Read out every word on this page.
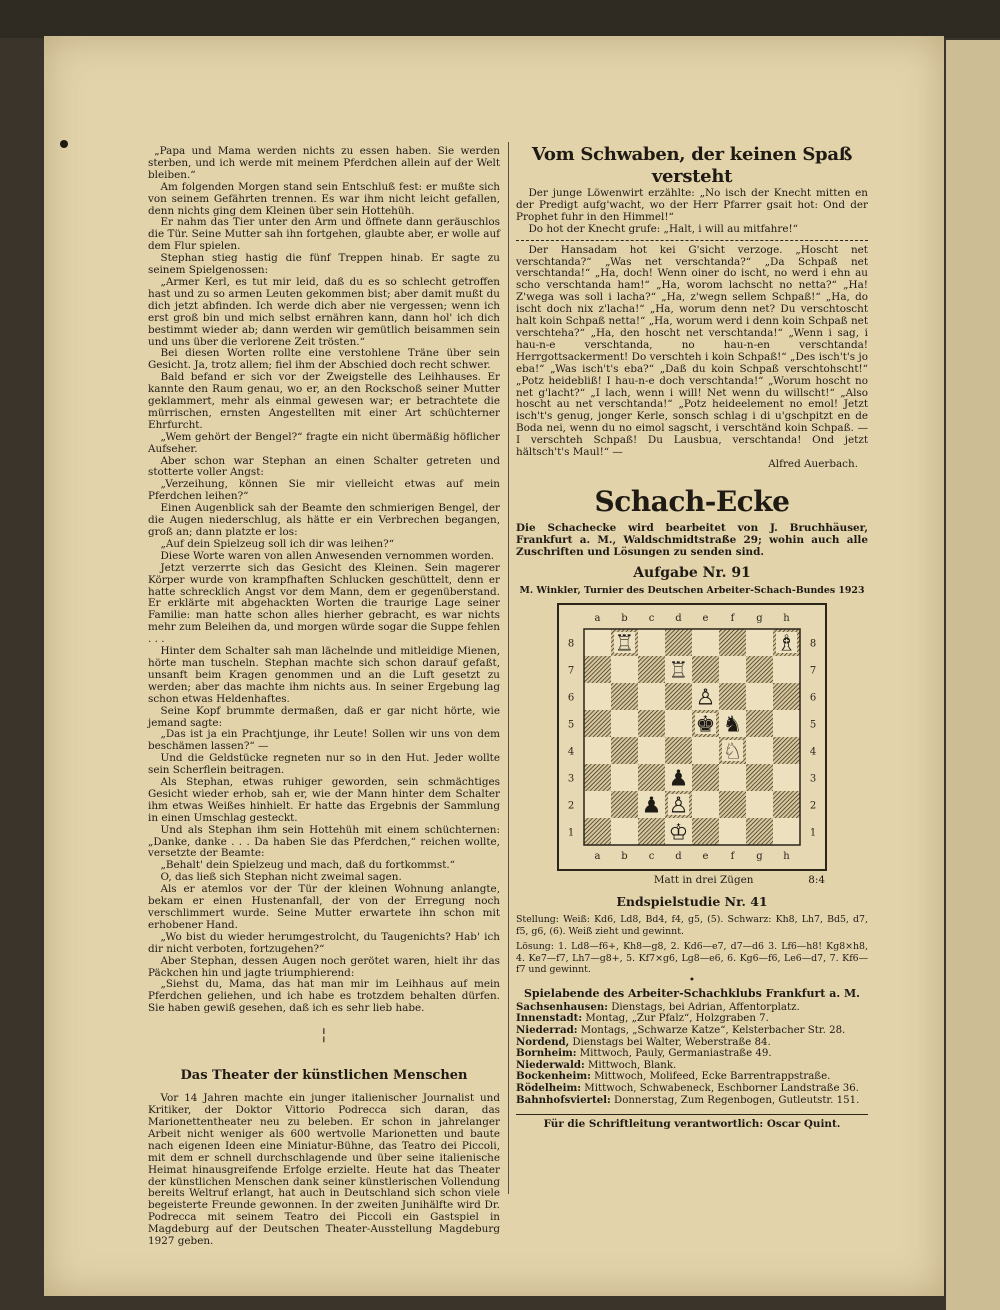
„Papa und Mama werden nichts zu essen haben. Sie werden sterben, und ich werde mit meinem Pferdchen allein auf der Welt bleiben.“

Am folgenden Morgen stand sein Entschluß fest: er mußte sich von seinem Gefährten trennen. Es war ihm nicht leicht gefallen, denn nichts ging dem Kleinen über sein Hottehüh.

Er nahm das Tier unter den Arm und öffnete dann geräuschlos die Tür. Seine Mutter sah ihn fortgehen, glaubte aber, er wolle auf dem Flur spielen.

Stephan stieg hastig die fünf Treppen hinab. Er sagte zu seinem Spielgenossen:

„Armer Kerl, es tut mir leid, daß du es so schlecht getroffen hast und zu so armen Leuten gekommen bist; aber damit mußt du dich jetzt abfinden. Ich werde dich aber nie vergessen; wenn ich erst groß bin und mich selbst ernähren kann, dann hol' ich dich bestimmt wieder ab; dann werden wir gemütlich beisammen sein und uns über die verlorene Zeit trösten.“

Bei diesen Worten rollte eine verstohlene Träne über sein Gesicht. Ja, trotz allem; fiel ihm der Abschied doch recht schwer.

Bald befand er sich vor der Zweigstelle des Leihhauses. Er kannte den Raum genau, wo er, an den Rockschoß seiner Mutter geklammert, mehr als einmal gewesen war; er betrachtete die mürrischen, ernsten Angestellten mit einer Art schüchterner Ehrfurcht.

„Wem gehört der Bengel?“ fragte ein nicht übermäßig höflicher Aufseher.

Aber schon war Stephan an einen Schalter getreten und stotterte voller Angst:

„Verzeihung, können Sie mir vielleicht etwas auf mein Pferdchen leihen?“

Einen Augenblick sah der Beamte den schmierigen Bengel, der die Augen niederschlug, als hätte er ein Verbrechen begangen, groß an; dann platzte er los:

„Auf dein Spielzeug soll ich dir was leihen?“

Diese Worte waren von allen Anwesenden vernommen worden.

Jetzt verzerrte sich das Gesicht des Kleinen. Sein magerer Körper wurde von krampfhaften Schlucken geschüttelt, denn er hatte schrecklich Angst vor dem Mann, dem er gegenüberstand. Er erklärte mit abgehackten Worten die traurige Lage seiner Familie: man hatte schon alles hierher gebracht, es war nichts mehr zum Beleihen da, und morgen würde sogar die Suppe fehlen . . .

Hinter dem Schalter sah man lächelnde und mitleidige Mienen, hörte man tuscheln. Stephan machte sich schon darauf gefaßt, unsanft beim Kragen genommen und an die Luft gesetzt zu werden; aber das machte ihm nichts aus. In seiner Ergebung lag schon etwas Heldenhaftes.

Seine Kopf brummte dermaßen, daß er gar nicht hörte, wie jemand sagte:

„Das ist ja ein Prachtjunge, ihr Leute! Sollen wir uns von dem beschämen lassen?“ —

Und die Geldstücke regneten nur so in den Hut. Jeder wollte sein Scherflein beitragen.

Als Stephan, etwas ruhiger geworden, sein schmächtiges Gesicht wieder erhob, sah er, wie der Mann hinter dem Schalter ihm etwas Weißes hinhielt. Er hatte das Ergebnis der Sammlung in einen Umschlag gesteckt.

Und als Stephan ihm sein Hottehüh mit einem schüchternen: „Danke, danke . . . Da haben Sie das Pferdchen,“ reichen wollte, versetzte der Beamte:

„Behalt' dein Spielzeug und mach, daß du fortkommst.“

O, das ließ sich Stephan nicht zweimal sagen.

Als er atemlos vor der Tür der kleinen Wohnung anlangte, bekam er einen Hustenanfall, der von der Erregung noch verschlimmert wurde. Seine Mutter erwartete ihn schon mit erhobener Hand.

„Wo bist du wieder herumgestrolcht, du Taugenichts? Hab' ich dir nicht verboten, fortzugehen?“

Aber Stephan, dessen Augen noch gerötet waren, hielt ihr das Päckchen hin und jagte triumphierend:

„Siehst du, Mama, das hat man mir im Leihhaus auf mein Pferdchen geliehen, und ich habe es trotzdem behalten dürfen. Sie haben gewiß gesehen, daß ich es sehr lieb habe.

╎
Das Theater der künstlichen Menschen

Vor 14 Jahren machte ein junger italienischer Journalist und Kritiker, der Doktor Vittorio Podrecca sich daran, das Marionettentheater neu zu beleben. Er schon in jahrelanger Arbeit nicht weniger als 600 wertvolle Marionetten und baute nach eigenen Ideen eine Miniatur-Bühne, das Teatro dei Piccoli, mit dem er schnell durchschlagende und über seine italienische Heimat hinausgreifende Erfolge erzielte. Heute hat das Theater der künstlichen Menschen dank seiner künstlerischen Vollendung bereits Weltruf erlangt, hat auch in Deutschland sich schon viele begeisterte Freunde gewonnen. In der zweiten Junihälfte wird Dr. Podrecca mit seinem Teatro dei Piccoli ein Gastspiel in Magdeburg auf der Deutschen Theater-Ausstellung Magdeburg 1927 geben.

Vom Schwaben, der keinen Spaß versteht

Der junge Löwenwirt erzählte: „No isch der Knecht mitten en der Predigt aufg'wacht, wo der Herr Pfarrer gsait hot: Ond der Prophet fuhr in den Himmel!“

Do hot der Knecht grufe: „Halt, i will au mitfahre!“

Der Hansadam hot kei G'sicht verzoge. „Hoscht net verschtanda?“ „Was net verschtanda?“ „Da Schpaß net verschtanda!“ „Ha, doch! Wenn oiner do ischt, no werd i ehn au scho verschtanda ham!“ „Ha, worom lachscht no netta?“ „Ha! Z'wega was soll i lacha?“ „Ha, z'wegn sellem Schpaß!“ „Ha, do ischt doch nix z'lacha!“ „Ha, worum denn net? Du verschtoscht halt koin Schpaß netta!“ „Ha, worum werd i denn koin Schpaß net verschteha?“ „Ha, den hoscht net verschtanda!“ „Wenn i sag, i hau-n-e verschtanda, no hau-n-en verschtanda! Herrgottsackerment! Do verschteh i koin Schpaß!“ „Des isch't's jo eba!“ „Was isch't's eba?“ „Daß du koin Schpaß verschtohscht!“ „Potz heidebliß! I hau-n-e doch verschtanda!“ „Worum hoscht no net g'lacht?“ „I lach, wenn i will! Net wenn du willscht!“ „Also hoscht au net verschtanda!“ „Potz heideelement no emol! Jetzt isch't's genug, jonger Kerle, sonsch schlag i di u'gschpitzt en de Boda nei, wenn du no eimol sagscht, i verschtänd koin Schpaß. — I verschteh Schpaß! Du Lausbua, verschtanda! Ond jetzt hältsch't's Maul!“ —

Alfred Auerbach.
Schach-Ecke

Die Schachecke wird bearbeitet von J. Bruchhäuser, Frankfurt a. M., Waldschmidtstraße 29; wohin auch alle Zuschriften und Lösungen zu senden sind.

Aufgabe Nr. 91

M. Winkler, Turnier des Deutschen Arbeiter-Schach-Bundes 1923

a
a
b
b
c
c
d
d
e
e
f
f
g
g
h
h
8	8
7	7
6	6
5	5
4	4
3	3
2	2
1	1
♖	♗
♖
♙
♚ ♞
♘
♟
♟ ♙
♔
Matt in drei Zügen	8:4
Endspielstudie Nr. 41

Stellung: Weiß: Kd6, Ld8, Bd4, f4, g5, (5). Schwarz: Kh8, Lh7, Bd5, d7, f5, g6, (6). Weiß zieht und gewinnt.

Lösung: 1. Ld8—f6+, Kh8—g8, 2. Kd6—e7, d7—d6 3. Lf6—h8! Kg8×h8, 4. Ke7—f7, Lh7—g8+, 5. Kf7×g6, Lg8—e6, 6. Kg6—f6, Le6—d7, 7. Kf6—f7 und gewinnt.

•

Spielabende des Arbeiter-Schachklubs Frankfurt a. M.

Sachsenhausen: Dienstags, bei Adrian, Affentorplatz.
Innenstadt: Montag, „Zur Pfalz“, Holzgraben 7.
Niederrad: Montags, „Schwarze Katze“, Kelsterbacher Str. 28.
Nordend, Dienstags bei Walter, Weberstraße 84.
Bornheim: Mittwoch, Pauly, Germaniastraße 49.
Niederwald: Mittwoch, Blank.
Bockenheim: Mittwoch, Molifeed, Ecke Barrentrappstraße.
Rödelheim: Mittwoch, Schwabeneck, Eschborner Landstraße 36.
Bahnhofsviertel: Donnerstag, Zum Regenbogen, Gutleutstr. 151.
Für die Schriftleitung verantwortlich: Oscar Quint.
